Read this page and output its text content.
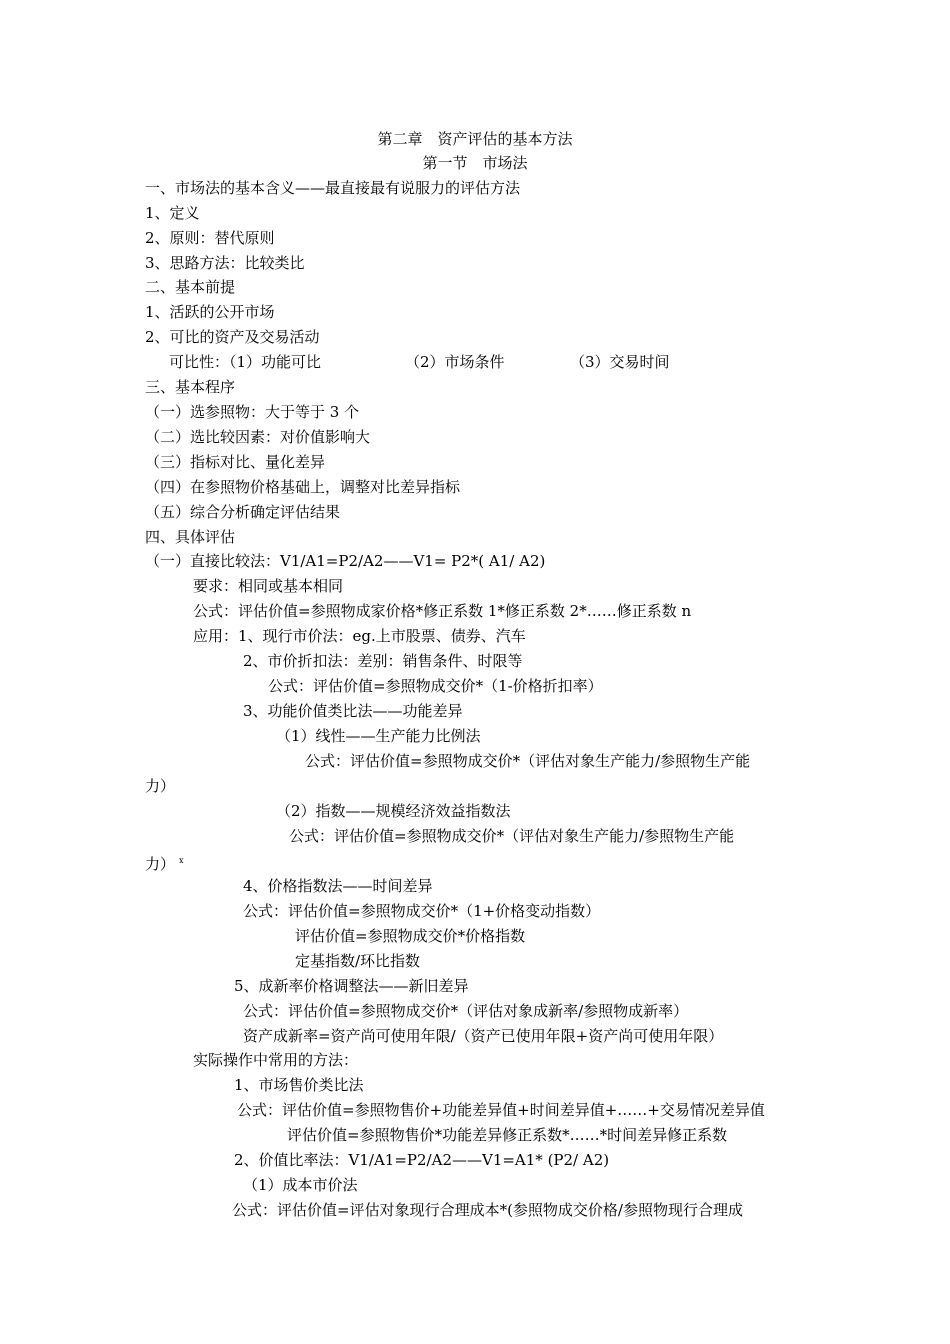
第二章　资产评估的基本方法
第一节　市场法
一、市场法的基本含义——最直接最有说服力的评估方法
1、定义
2、原则：替代原则
3、思路方法：比较类比
二、基本前提
1、活跃的公开市场
2、可比的资产及交易活动
可比性：（1）功能可比	（2）市场条件	（3）交易时间
三、基本程序
（一）选参照物：大于等于 3 个
（二）选比较因素：对价值影响大
（三）指标对比、量化差异
（四）在参照物价格基础上，调整对比差异指标
（五）综合分析确定评估结果
四、具体评估
（一）直接比较法：V1/A1=P2/A2——V1= P2*( A1/ A2)
要求：相同或基本相同
公式：评估价值=参照物成家价格*修正系数 1*修正系数 2*……修正系数 n
应用：1、现行市价法：eg.上市股票、债券、汽车
2、市价折扣法：差别：销售条件、时限等
公式：评估价值=参照物成交价*（1-价格折扣率）
3、功能价值类比法——功能差异
（1）线性——生产能力比例法
公式：评估价值=参照物成交价*（评估对象生产能力/参照物生产能
力）
（2）指数——规模经济效益指数法
公式：评估价值=参照物成交价*（评估对象生产能力/参照物生产能
力） $^x$
4、价格指数法——时间差异
公式：评估价值=参照物成交价*（1+价格变动指数）
评估价值=参照物成交价*价格指数
定基指数/环比指数
5、成新率价格调整法——新旧差异
公式：评估价值=参照物成交价*（评估对象成新率/参照物成新率）
资产成新率=资产尚可使用年限/（资产已使用年限+资产尚可使用年限）
实际操作中常用的方法：
1、市场售价类比法
公式：评估价值=参照物售价+功能差异值+时间差异值+……+交易情况差异值
评估价值=参照物售价*功能差异修正系数*……*时间差异修正系数
2、价值比率法：V1/A1=P2/A2——V1=A1* (P2/ A2)
（1）成本市价法
公式：评估价值=评估对象现行合理成本*(参照物成交价格/参照物现行合理成
